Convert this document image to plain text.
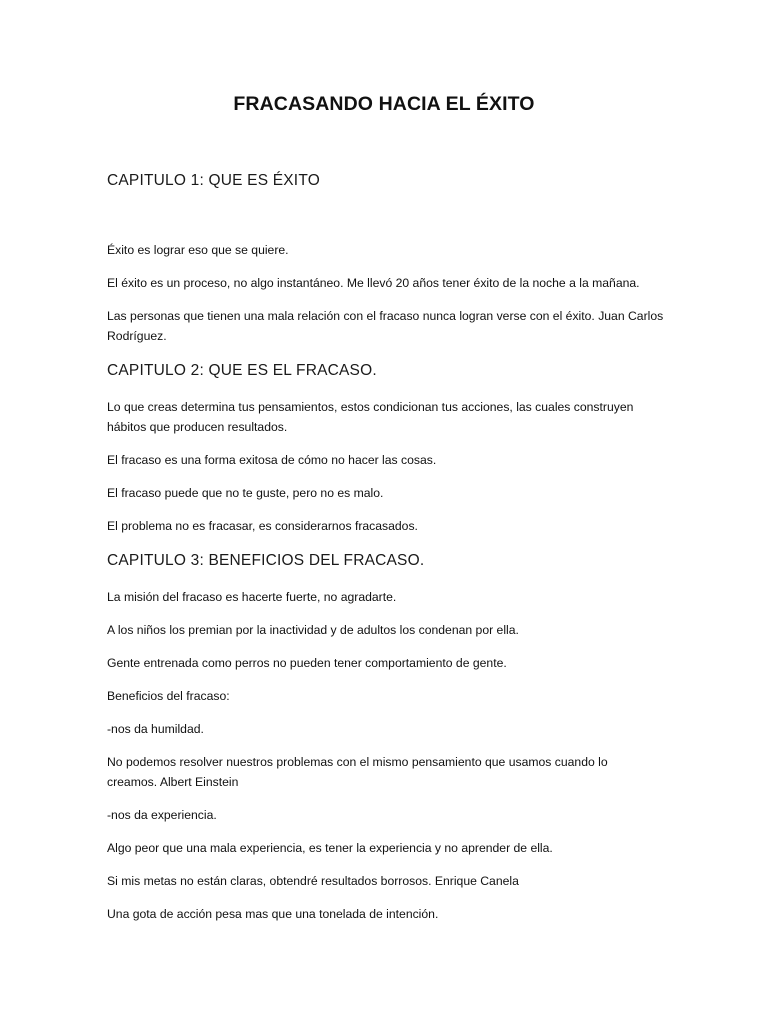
FRACASANDO HACIA EL ÉXITO
CAPITULO 1: QUE ES ÉXITO
Éxito es lograr eso que se quiere.
El éxito es un proceso, no algo instantáneo. Me llevó 20 años tener éxito de la noche a la mañana.
Las personas que tienen una mala relación con el fracaso nunca logran verse con el éxito. Juan Carlos Rodríguez.
CAPITULO 2: QUE ES EL FRACASO.
Lo que creas determina tus pensamientos, estos condicionan tus acciones, las cuales construyen hábitos que producen resultados.
El fracaso es una forma exitosa de cómo no hacer las cosas.
El fracaso puede que no te guste, pero no es malo.
El problema no es fracasar, es considerarnos fracasados.
CAPITULO 3: BENEFICIOS DEL FRACASO.
La misión del fracaso es hacerte fuerte, no agradarte.
A los niños los premian por la inactividad y de adultos los condenan por ella.
Gente entrenada como perros no pueden tener comportamiento de gente.
Beneficios del fracaso:
-nos da humildad.
No podemos resolver nuestros problemas con el mismo pensamiento que usamos cuando lo creamos. Albert Einstein
-nos da experiencia.
Algo peor que una mala experiencia, es tener la experiencia y no aprender de ella.
Si mis metas no están claras, obtendré resultados borrosos. Enrique Canela
Una gota de acción pesa mas que una tonelada de intención.
